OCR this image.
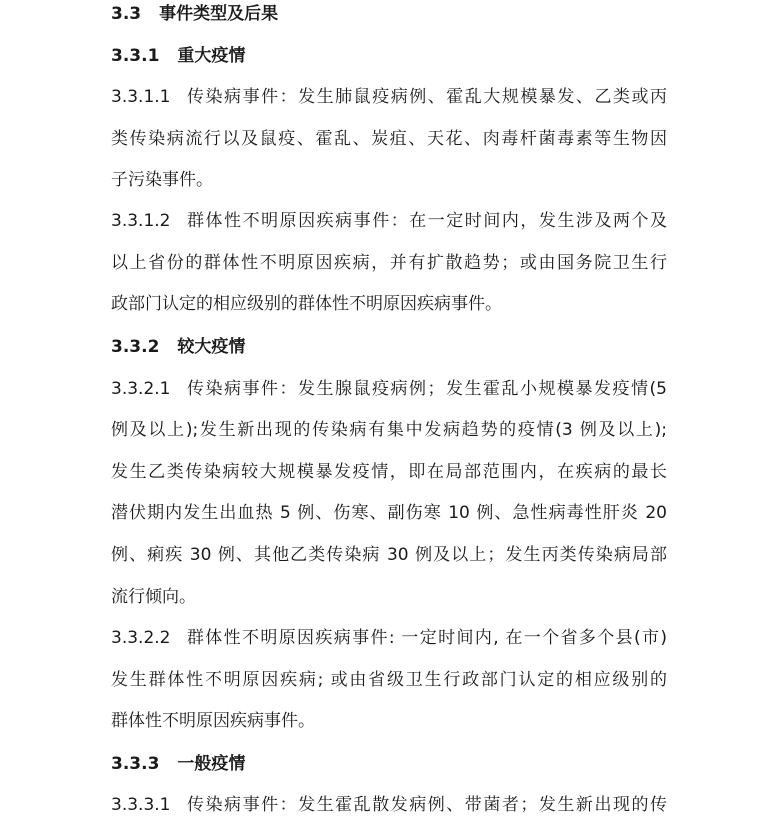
3.3 事件类型及后果
3.3.1 重大疫情
3.3.1.1 传染病事件：发生肺鼠疫病例、霍乱大规模暴发、乙类或丙
类传染病流行以及鼠疫、霍乱、炭疽、天花、肉毒杆菌毒素等生物因
子污染事件。
3.3.1.2 群体性不明原因疾病事件：在一定时间内，发生涉及两个及
以上省份的群体性不明原因疾病，并有扩散趋势；或由国务院卫生行
政部门认定的相应级别的群体性不明原因疾病事件。
3.3.2 较大疫情
3.3.2.1 传染病事件：发生腺鼠疫病例；发生霍乱小规模暴发疫情(5
例及以上);发生新出现的传染病有集中发病趋势的疫情(3 例及以上);
发生乙类传染病较大规模暴发疫情，即在局部范围内，在疾病的最长
潜伏期内发生出血热 5 例、伤寒、副伤寒 10 例、急性病毒性肝炎 20
例、痢疾 30 例、其他乙类传染病 30 例及以上；发生丙类传染病局部
流行倾向。
3.3.2.2 群体性不明原因疾病事件: 一定时间内, 在一个省多个县(市)
发生群体性不明原因疾病; 或由省级卫生行政部门认定的相应级别的
群体性不明原因疾病事件。
3.3.3 一般疫情
3.3.3.1 传染病事件：发生霍乱散发病例、带菌者；发生新出现的传
